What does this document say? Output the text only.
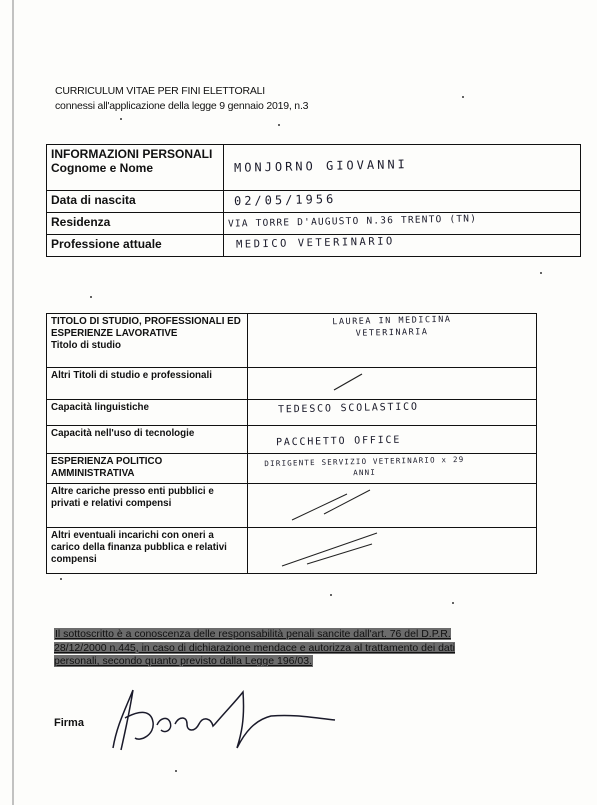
CURRICULUM VITAE PER FINI ELETTORALI
connessi all'applicazione della legge 9 gennaio 2019, n.3
INFORMAZIONI PERSONALI
Cognome e Nome	MONJORNO GIOVANNI
Data di nascita	02/05/1956
Residenza	VIA TORRE D'AUGUSTO N.36 TRENTO (TN)
Professione attuale	MEDICO VETERINARIO
TITOLO DI STUDIO, PROFESSIONALI ED ESPERIENZE LAVORATIVE
Titolo di studio	LAUREA IN MEDICINA VETERINARIA
Altri Titoli di studio e professionali	
Capacità linguistiche	TEDESCO SCOLASTICO
Capacità nell'uso di tecnologie	PACCHETTO OFFICE
ESPERIENZA POLITICO AMMINISTRATIVA	DIRIGENTE SERVIZIO VETERINARIO x 29 ANNI
Altre cariche presso enti pubblici e privati e relativi compensi	
Altri eventuali incarichi con oneri a carico della finanza pubblica e relativi compensi	
Il sottoscritto è a conoscenza delle responsabilità penali sancite dall'art. 76 del D.P.R. 28/12/2000 n.445, in caso di dichiarazione mendace e autorizza al trattamento dei dati personali, secondo quanto previsto dalla Legge 196/03.
Firma
